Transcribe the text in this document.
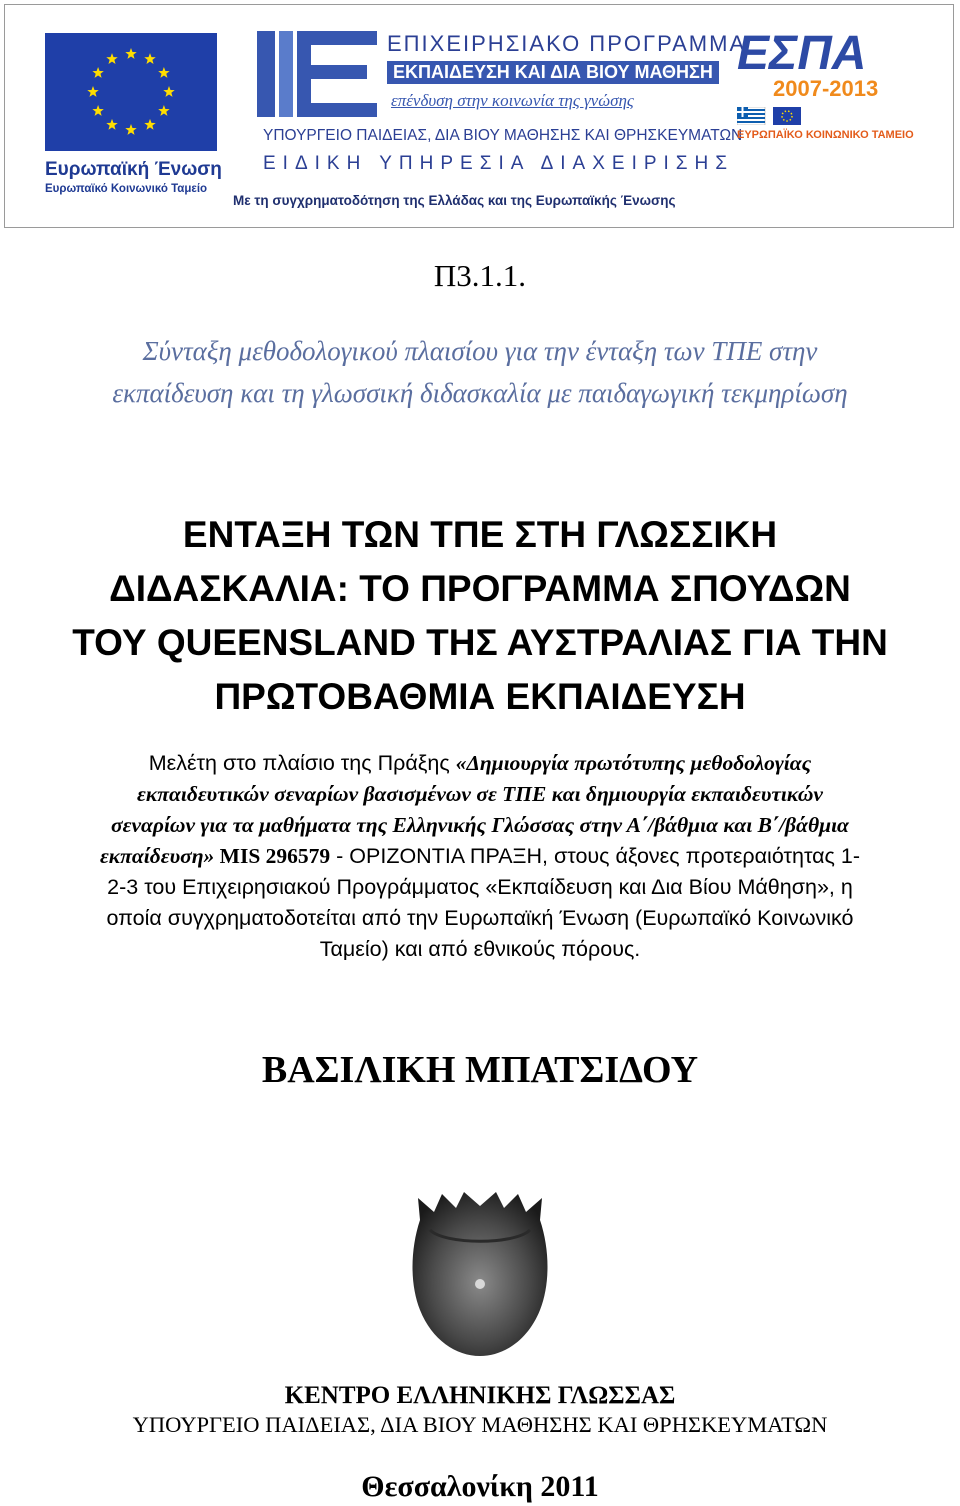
Ευρωπαϊκή Ένωση
Ευρωπαϊκό Κοινωνικό Ταμείο
ΕΠΙΧΕΙΡΗΣΙΑΚΟ ΠΡΟΓΡΑΜΜΑ
ΕΚΠΑΙΔΕΥΣΗ ΚΑΙ ΔΙΑ ΒΙΟΥ ΜΑΘΗΣΗ
επένδυση στην κοινωνία της γνώσης
ΥΠΟΥΡΓΕΙΟ ΠΑΙΔΕΙΑΣ, ΔΙΑ ΒΙΟΥ ΜΑΘΗΣΗΣ ΚΑΙ ΘΡΗΣΚΕΥΜΑΤΩΝ
ΕΙΔΙΚΗ ΥΠΗΡΕΣΙΑ ΔΙΑΧΕΙΡΙΣΗΣ
Με τη συγχρηματοδότηση της Ελλάδας και της Ευρωπαϊκής Ένωσης
ΕΣΠΑ
2007-2013
ΕΥΡΩΠΑΪΚΟ ΚΟΙΝΩΝΙΚΟ ΤΑΜΕΙΟ
Π3.1.1.
Σύνταξη μεθοδολογικού πλαισίου για την ένταξη των ΤΠΕ στην
εκπαίδευση και τη γλωσσική διδασκαλία με παιδαγωγική τεκμηρίωση
ΕΝΤΑΞΗ ΤΩΝ ΤΠΕ ΣΤΗ ΓΛΩΣΣΙΚΗ
ΔΙΔΑΣΚΑΛΙΑ: ΤΟ ΠΡΟΓΡΑΜΜΑ ΣΠΟΥΔΩΝ
ΤΟΥ QUEENSLAND ΤΗΣ ΑΥΣΤΡΑΛΙΑΣ ΓΙΑ ΤΗΝ
ΠΡΩΤΟΒΑΘΜΙΑ ΕΚΠΑΙΔΕΥΣΗ
Μελέτη στο πλαίσιο της Πράξης «Δημιουργία πρωτότυπης μεθοδολογίας
εκπαιδευτικών σεναρίων βασισμένων σε ΤΠΕ και δημιουργία εκπαιδευτικών
σεναρίων για τα μαθήματα της Ελληνικής Γλώσσας στην Α΄/βάθμια και Β΄/βάθμια
εκπαίδευση» MIS 296579 - ΟΡΙΖΟΝΤΙΑ ΠΡΑΞΗ, στους άξονες προτεραιότητας 1-
2-3 του Επιχειρησιακού Προγράμματος «Εκπαίδευση και Δια Βίου Μάθηση», η
οποία συγχρηματοδοτείται από την Ευρωπαϊκή Ένωση (Ευρωπαϊκό Κοινωνικό
Ταμείο) και από εθνικούς πόρους.
ΒΑΣΙΛΙΚΗ ΜΠΑΤΣΙΔΟΥ
ΚΕΝΤΡΟ ΕΛΛΗΝΙΚΗΣ ΓΛΩΣΣΑΣ
ΥΠΟΥΡΓΕΙΟ ΠΑΙΔΕΙΑΣ, ΔΙΑ ΒΙΟΥ ΜΑΘΗΣΗΣ ΚΑΙ ΘΡΗΣΚΕΥΜΑΤΩΝ
Θεσσαλονίκη 2011
